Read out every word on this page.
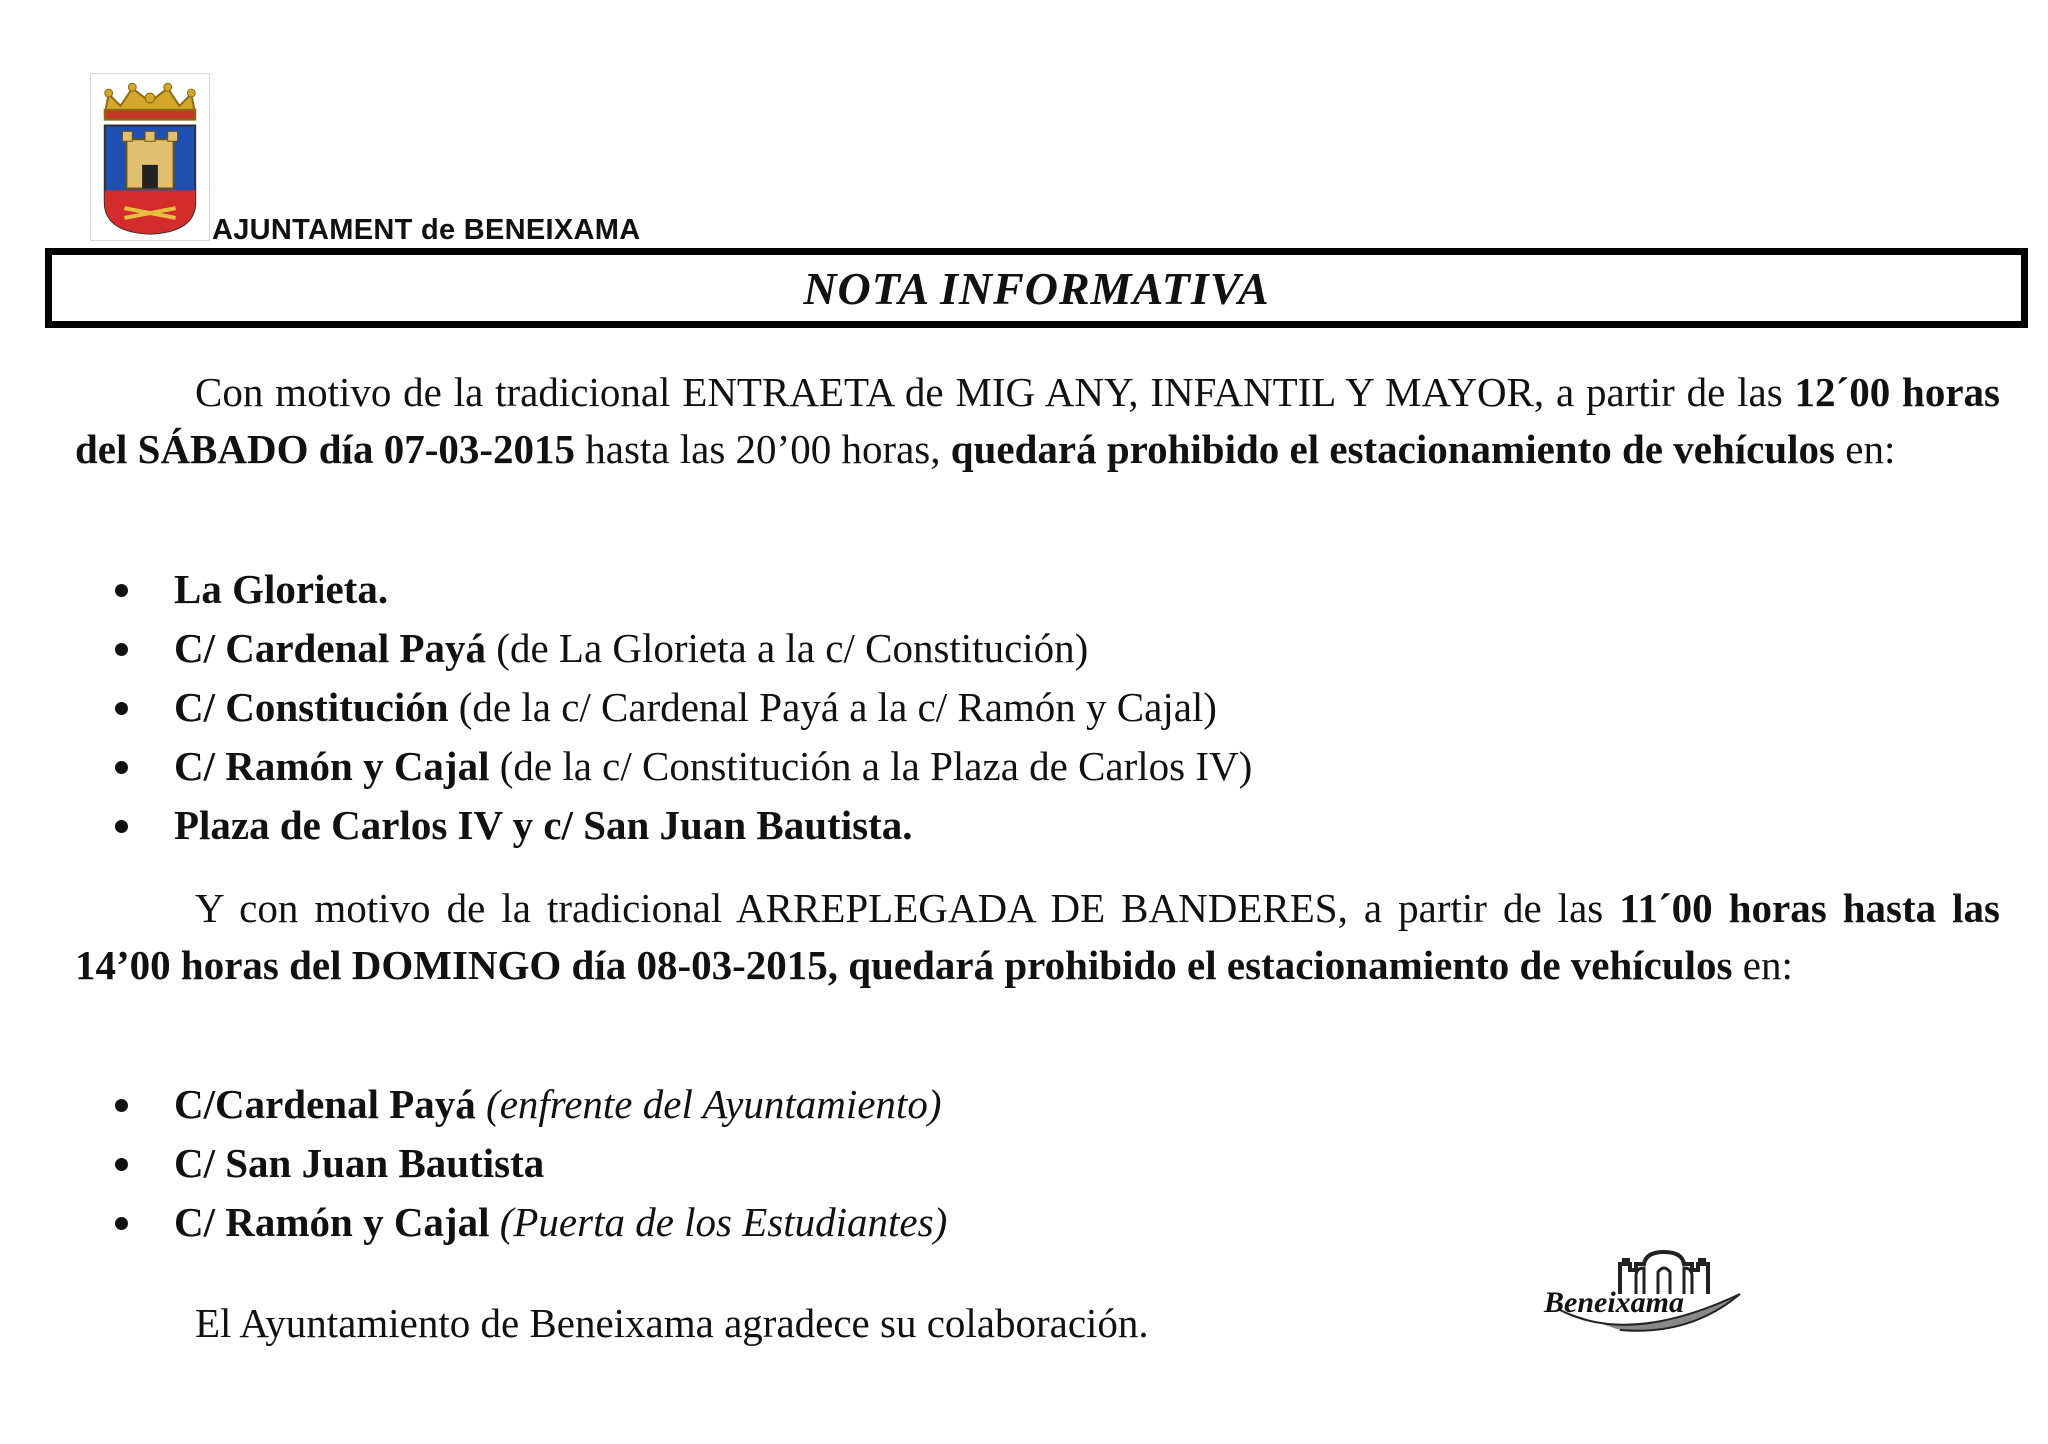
AJUNTAMENT de BENEIXAMA
NOTA INFORMATIVA

Con motivo de la tradicional ENTRAETA de MIG ANY, INFANTIL Y MAYOR, a partir de las 12´00 horas del SÁBADO día 07-03-2015 hasta las 20’00 horas, quedará prohibido el estacionamiento de vehículos en:

La Glorieta.
C/ Cardenal Payá (de La Glorieta a la c/ Constitución)
C/ Constitución (de la c/ Cardenal Payá a la c/ Ramón y Cajal)
C/ Ramón y Cajal (de la c/ Constitución a la Plaza de Carlos IV)
Plaza de Carlos IV y c/ San Juan Bautista.

Y con motivo de la tradicional ARREPLEGADA DE BANDERES, a partir de las 11´00 horas hasta las 14’00 horas del DOMINGO día 08-03-2015, quedará prohibido el estacionamiento de vehículos en:

C/Cardenal Payá (enfrente del Ayuntamiento)
C/ San Juan Bautista
C/ Ramón y Cajal (Puerta de los Estudiantes)
El Ayuntamiento de Beneixama agradece su colaboración.	Beneixama
